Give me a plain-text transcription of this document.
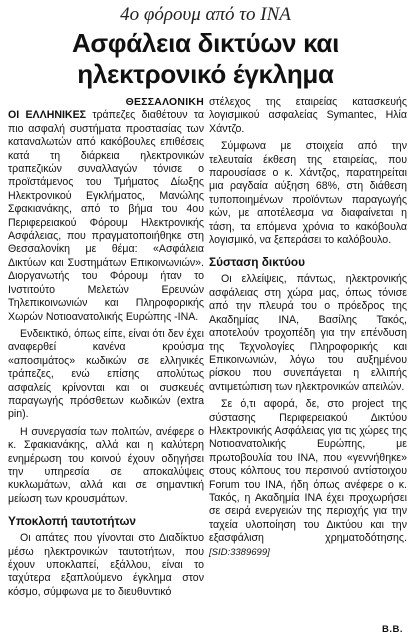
4ο φόρουμ από το ΙΝΑ
Ασφάλεια δικτύων και
ηλεκτρονικό έγκλημα
ΘΕΣΣΑΛΟΝΙΚΗ

ΟΙ ΕΛΛΗΝΙΚΕΣ τράπεζες διαθέτουν τα πιο ασφαλή συστήματα προστασίας των καταναλωτών από κακόβουλες επιθέσεις κατά τη διάρκεια ηλεκτρονικών τραπεζικών συναλλαγών τόνισε ο προϊστάμενος του Τμήματος Δίωξης Ηλεκτρονικού Εγκλήματος, Μανώλης Σφακιανάκης, από το βήμα του 4ου Περιφερειακού Φόρουμ Ηλεκτρονικής Ασφάλειας, που πραγματοποιήθηκε στη Θεσσαλονίκη με θέμα: «Ασφάλεια Δικτύων και Συστημάτων Επικοινωνιών». Διοργανωτής του Φόρουμ ήταν το Ινστιτούτο Μελετών Ερευνών Τηλεπικοινωνιών και Πληροφορικής Χωρών Νοτιοανατολικής Ευρώπης -ΙΝΑ.

Ενδεικτικό, όπως είπε, είναι ότι δεν έχει αναφερθεί κανένα κρούσμα «αποσιμάτος» κωδικών σε ελληνικές τράπεζες, ενώ επίσης απολύτως ασφαλείς κρίνονται και οι συσκευές παραγωγής πρόσθετων κωδικών (extra pin).

Η συνεργασία των πολιτών, ανέφερε ο κ. Σφακιανάκης, αλλά και η καλύτερη ενημέρωση του κοινού έχουν οδηγήσει την υπηρεσία σε αποκαλύψεις κυκλωμάτων, αλλά και σε σημαντική μείωση των κρουσμάτων.

Υποκλοπή ταυτοτήτων

Οι απάτες που γίνονται στο Διαδίκτυο μέσω ηλεκτρονικών ταυτοτήτων, που έχουν υποκλαπεί, εξάλλου, είναι το ταχύτερα εξαπλούμενο έγκλημα στον κόσμο, σύμφωνα με το διευθυντικό

στέλεχος της εταιρείας κατασκευής λογισμικού ασφαλείας Symantec, Ηλία Χάντζο.

Σύμφωνα με στοιχεία από την τελευταία έκθεση της εταιρείας, που παρουσίασε ο κ. Χάντζος, παρατηρείται μια ραγδαία αύξηση 68%, στη διάθεση τυποποιημένων προϊόντων παραγωγής κών, με αποτέλεσμα να διαφαίνεται η τάση, τα επόμενα χρόνια το κακόβουλα λογισμικό, να ξεπεράσει το καλόβουλο.

Σύσταση δικτύου

Οι ελλείψεις, πάντως, ηλεκτρονικής ασφάλειας στη χώρα μας, όπως τόνισε από την πλευρά του ο πρόεδρος της Ακαδημίας ΙΝΑ, Βασίλης Τακός, αποτελούν τροχοπέδη για την επένδυση της Τεχνολογίες Πληροφορικής και Επικοινωνιών, λόγω του αυξημένου ρίσκου που συνεπάγεται η ελλιπής αντιμετώπιση των ηλεκτρονικών απειλών.

Σε ό,τι αφορά, δε, στο project της σύστασης Περιφερειακού Δικτύου Ηλεκτρονικής Ασφάλειας για τις χώρες της Νοτιοανατολικής Ευρώπης, με πρωτοβουλία του ΙΝΑ, που «γεννήθηκε» στους κόλπους του περσινού αντίστοιχου Forum του ΙΝΑ, ήδη όπως ανέφερε ο κ. Τακός, η Ακαδημία ΙΝΑ έχει προχωρήσει σε σειρά ενεργειών της περιοχής για την ταχεία υλοποίηση του Δικτύου και την εξασφάλιση χρηματοδότησης. [SID:3389699]

Β.Β.
